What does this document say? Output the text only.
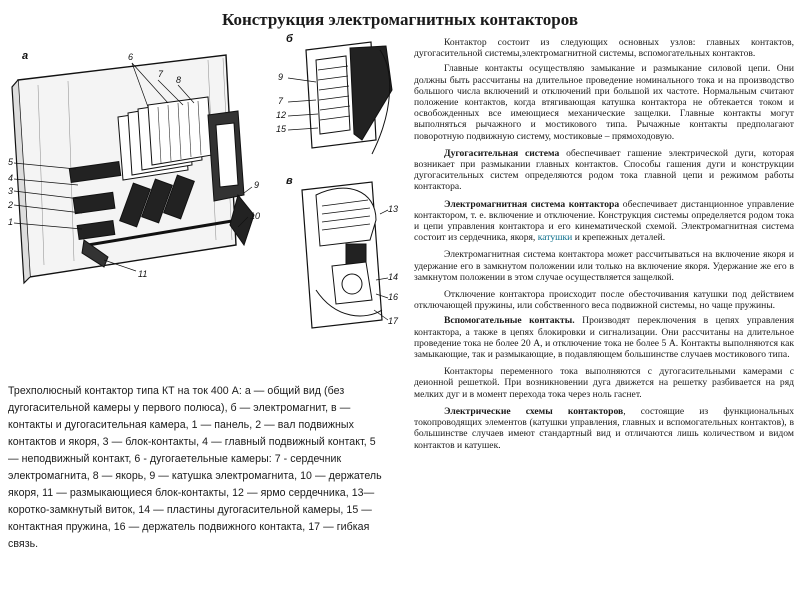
Конструкция электромагнитных контакторов
а	6
7
8
5
4
3
2
1
9
10
11
б
9
7
12
15
в
13
14
16
17
Трехполюсный контактор типа КТ на ток 400 А: а — общий вид (без дугогасительной камеры у первого полюса), б — электромагнит, в — контакты и дугогасительная камера, 1 — панель, 2 — вал подвижных контактов и якоря, 3 — блок-контакты, 4 — главный подвижный контакт, 5 — неподвижный контакт, 6 - дугогаетельные камеры: 7 - сердечник электромагнита, 8 — якорь, 9 — катушка электромагнита, 10 — держатель якоря, 11 — размыкающиеся блок-контакты, 12 — ярмо сердечника, 13— коротко-замкнутый виток, 14 — пластины дугогасительной камеры, 15 — контактная пружина, 16 — держатель подвижного контакта, 17 — гибкая связь.

Контактор состоит из следующих основных узлов: главных контактов, дугогасительной системы,электромагнитной системы, вспомогательных контактов.

Главные контакты осуществляю замыкание и размыкание силовой цепи. Они должны быть рассчитаны на длительное проведение номинального тока и на производство большого числа включений и отключений при большой их частоте. Нормальным считают положение контактов, когда втягивающая катушка контактора не обтекается током и освобожденных все имеющиеся механические защелки. Главные контакты могут выполняться рычажного и мостикового типа. Рычажные контакты предполагают поворотную подвижную систему, мостиковые – прямоходовую.

Дугогасительная система обеспечивает гашение электрической дуги, которая возникает при размыкании главных контактов. Способы гашения дуги и конструкции дугогасительных систем определяются родом тока главной цепи и режимом работы контактора.

Электромагнитная система контактора обеспечивает дистанционное управление контактором, т. е. включение и отключение. Конструкция системы определяется родом тока и цепи управления контактора и его кинематической схемой. Электромагнитная система состоит из сердечника, якоря, катушки и крепежных деталей.

Электромагнитная система контактора может рассчитываться на включение якоря и удержание его в замкнутом положении или только на включение якоря. Удержание же его в замкнутом положении в этом случае осуществляется защелкой.

Отключение контактора происходит после обесточивания катушки под действием отключающей пружины, или собственного веса подвижной системы, но чаще пружины.

Вспомогательные контакты. Производят переключения в цепях управления контактора, а также в цепях блокировки и сигнализации. Они рассчитаны на длительное проведение тока не более 20 А, и отключение тока не более 5 А. Контакты выполняются как замыкающие, так и размыкающие, в подавляющем большинстве случаев мостикового типа.

Контакторы переменного тока выполняются с дугогасительными камерами с деионной решеткой. При возникновении дуга движется на решетку разбивается на ряд мелких дуг и в момент перехода тока через ноль гаснет.

Электрические схемы контакторов, состоящие из функциональных токопроводящих элементов (катушки управления, главных и вспомогательных контактов), в большинстве случаев имеют стандартный вид и отличаются лишь количеством и видом контактов и катушек.
